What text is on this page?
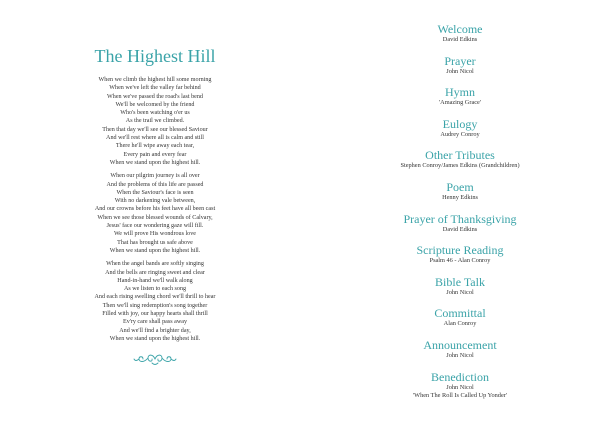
The Highest Hill
When we climb the highest hill some morning
When we've left the valley far behind
When we've passed the road's last bend
We'll be welcomed by the friend
Who's been watching o'er us
As the trail we climbed.
Then that day we'll see our blessed Saviour
And we'll rest where all is calm and still
There he'll wipe away each tear,
Every pain and every fear
When we stand upon the highest hill.
When our pilgrim journey is all over
And the problems of this life are passed
When the Saviour's face is seen
With no darkening vale between,
And our crowns before his feet have all been cast
When we see those blessed wounds of Calvary,
Jesus' face our wondering gaze will fill.
We will prove His wondrous love
That has brought us safe above
When we stand upon the highest hill.
When the angel bands are softly singing
And the bells are ringing sweet and clear
Hand-in-hand we'll walk along
As we listen to each song
And each rising swelling chord we'll thrill to hear
Then we'll sing redemption's song together
Filled with joy, our happy hearts shall thrill
Ev'ry care shall pass away
And we'll find a brighter day,
When we stand upon the highest hill.
Welcome
David Edkins
Prayer
John Nicol
Hymn
'Amazing Grace'
Eulogy
Audrey Conroy
Other Tributes
Stephen Conroy/James Edkins (Grandchildren)
Poem
Henny Edkins
Prayer of Thanksgiving
David Edkins
Scripture Reading
Psalm 46 - Alan Conroy
Bible Talk
John Nicol
Committal
Alan Conroy
Announcement
John Nicol
Benediction
John Nicol
'When The Roll Is Called Up Yonder'
